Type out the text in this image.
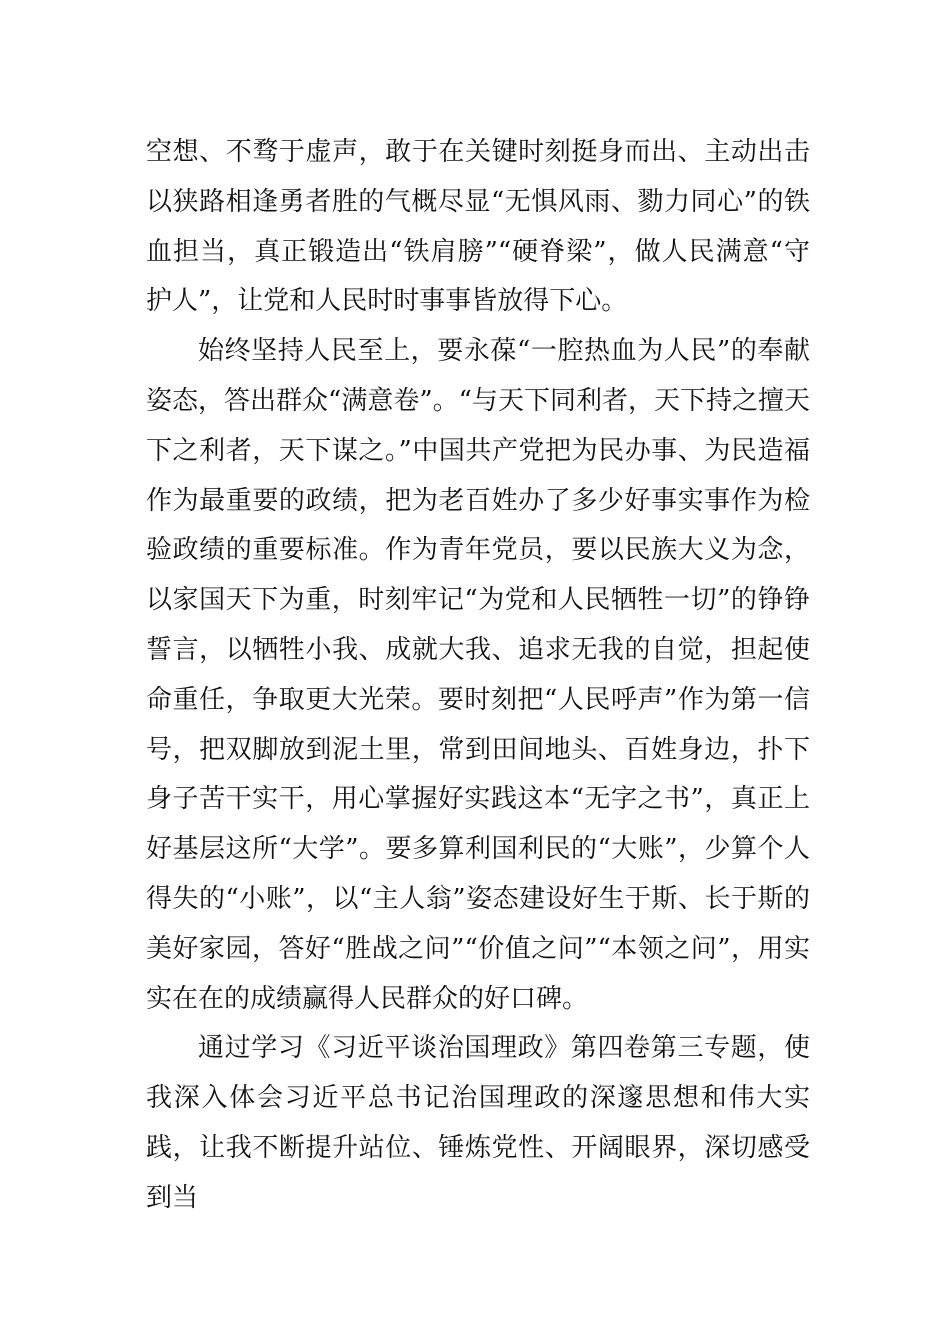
空想、不骛于虚声，敢于在关键时刻挺身而出、主动出击以狭路相逢勇者胜的气概尽显“无惧风雨、勠力同心”的铁血担当，真正锻造出“铁肩膀”“硬脊梁”，做人民满意“守护人”，让党和人民时时事事皆放得下心。

始终坚持人民至上，要永葆“一腔热血为人民”的奉献姿态，答出群众“满意卷”。“与天下同利者，天下持之擅天下之利者，天下谋之。”中国共产党把为民办事、为民造福作为最重要的政绩，把为老百姓办了多少好事实事作为检验政绩的重要标准。作为青年党员，要以民族大义为念，以家国天下为重，时刻牢记“为党和人民牺牲一切”的铮铮誓言，以牺牲小我、成就大我、追求无我的自觉，担起使命重任，争取更大光荣。要时刻把“人民呼声”作为第一信号，把双脚放到泥土里，常到田间地头、百姓身边，扑下身子苦干实干，用心掌握好实践这本“无字之书”，真正上好基层这所“大学”。要多算利国利民的“大账”，少算个人得失的“小账”，以“主人翁”姿态建设好生于斯、长于斯的美好家园，答好“胜战之问”“价值之问”“本领之问”，用实实在在的成绩赢得人民群众的好口碑。

通过学习《习近平谈治国理政》第四卷第三专题，使我深入体会习近平总书记治国理政的深邃思想和伟大实践，让我不断提升站位、锤炼党性、开阔眼界，深切感受到当
